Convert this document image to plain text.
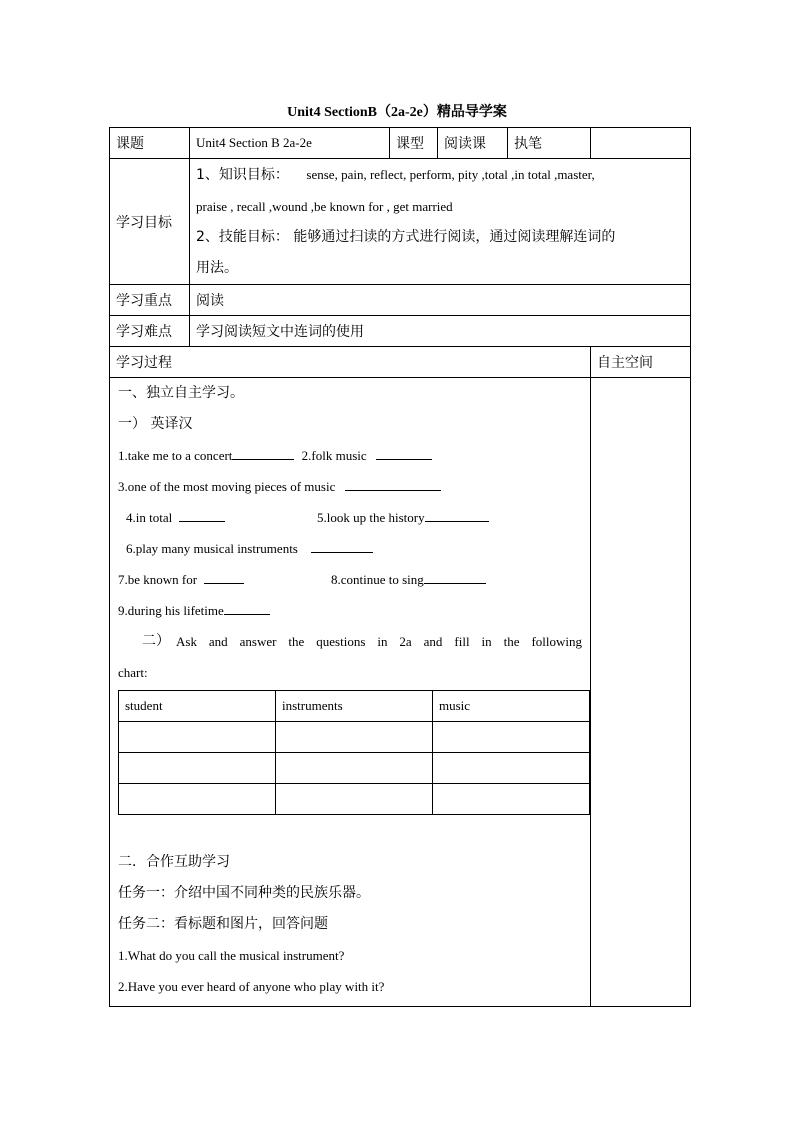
Unit4 SectionB（2a-2e）精品导学案
课题	Unit4 Section B 2a-2e	课型	阅读课	执笔	
学习目标	
1、知识目标： sense, pain, reflect, perform, pity ,total ,in total ,master,
praise , recall ,wound ,be known for , get married
2、技能目标： 能够通过扫读的方式进行阅读，通过阅读理解连词的
用法。

学习重点	阅读
学习难点	学习阅读短文中连词的使用
学习过程	自主空间

一、独立自主学习。
一） 英译汉
1.take me to a concert	2.folk music
3.one of the most moving pieces of music
4.in total	5.look up the history
6.play many musical instruments
7.be known for	8.continue to sing
9.during his lifetime
二） Ask and answer the questions in 2a and fill in the following
chart:
student	instruments	music

二．合作互助学习
任务一：介绍中国不同种类的民族乐器。
任务二：看标题和图片，回答问题
1.What do you call the musical instrument?
2.Have you ever heard of anyone who play with it?
